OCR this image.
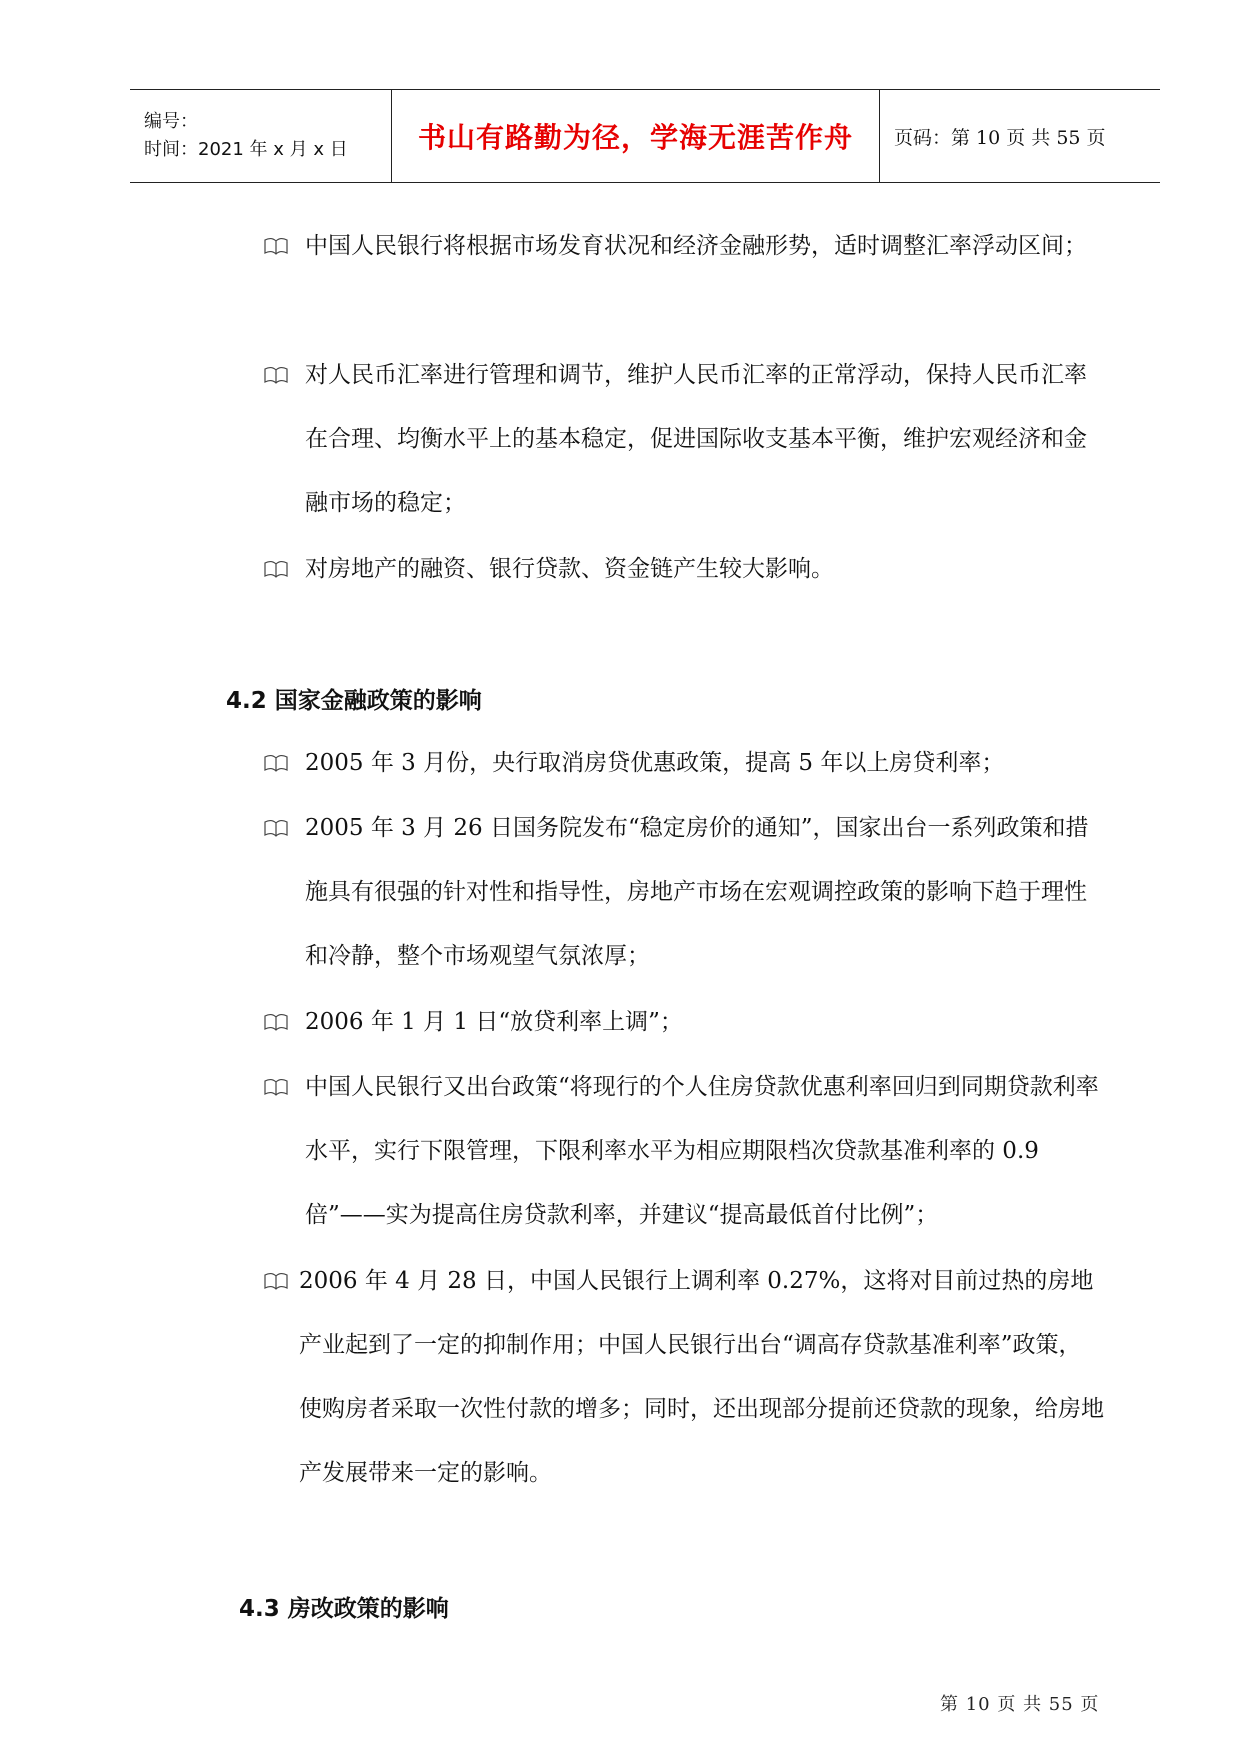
编号：
时间：2021 年 x 月 x 日	书山有路勤为径，学海无涯苦作舟 页码：第 10 页 共 55 页
中国人民银行将根据市场发育状况和经济金融形势，适时调整汇率浮动区间；
对人民币汇率进行管理和调节，维护人民币汇率的正常浮动，保持人民币汇率在合理、均衡水平上的基本稳定，促进国际收支基本平衡，维护宏观经济和金融市场的稳定；
对房地产的融资、银行贷款、资金链产生较大影响。
4.2 国家金融政策的影响
2005 年 3 月份，央行取消房贷优惠政策，提高 5 年以上房贷利率；
2005 年 3 月 26 日国务院发布“稳定房价的通知”，国家出台一系列政策和措施具有很强的针对性和指导性，房地产市场在宏观调控政策的影响下趋于理性和冷静，整个市场观望气氛浓厚；
2006 年 1 月 1 日“放贷利率上调”；
中国人民银行又出台政策“将现行的个人住房贷款优惠利率回归到同期贷款利率水平，实行下限管理，下限利率水平为相应期限档次贷款基准利率的 0.9 倍”——实为提高住房贷款利率，并建议“提高最低首付比例”；
2006 年 4 月 28 日，中国人民银行上调利率 0.27%，这将对目前过热的房地产业起到了一定的抑制作用；中国人民银行出台“调高存贷款基准利率”政策，使购房者采取一次性付款的增多；同时，还出现部分提前还贷款的现象，给房地产发展带来一定的影响。
4.3 房改政策的影响
第 10 页 共 55 页
